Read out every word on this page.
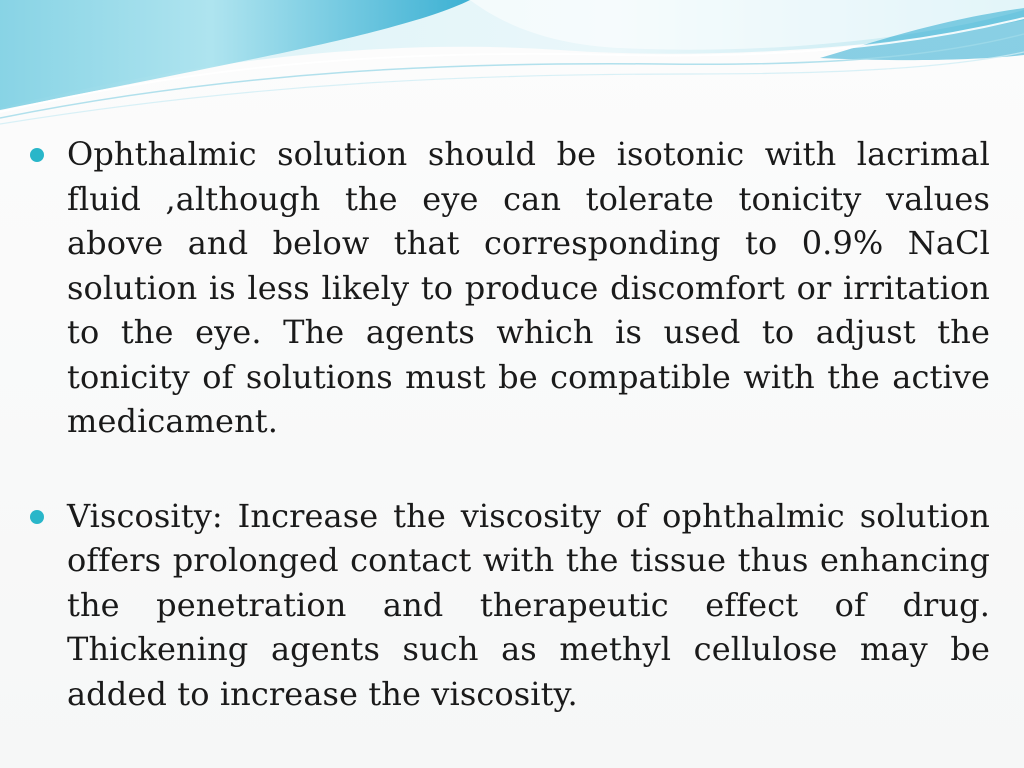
Ophthalmic solution should be isotonic with lacrimal fluid ,although the eye can tolerate tonicity values above and below that corresponding to 0.9% NaCl solution is less likely to produce discomfort or irritation to the eye. The agents which is used to adjust the tonicity of solutions must be compatible with the active medicament.
Viscosity: Increase the viscosity of ophthalmic solution offers prolonged contact with the tissue thus enhancing the penetration and therapeutic effect of drug. Thickening agents such as methyl cellulose may be added to increase the viscosity.
